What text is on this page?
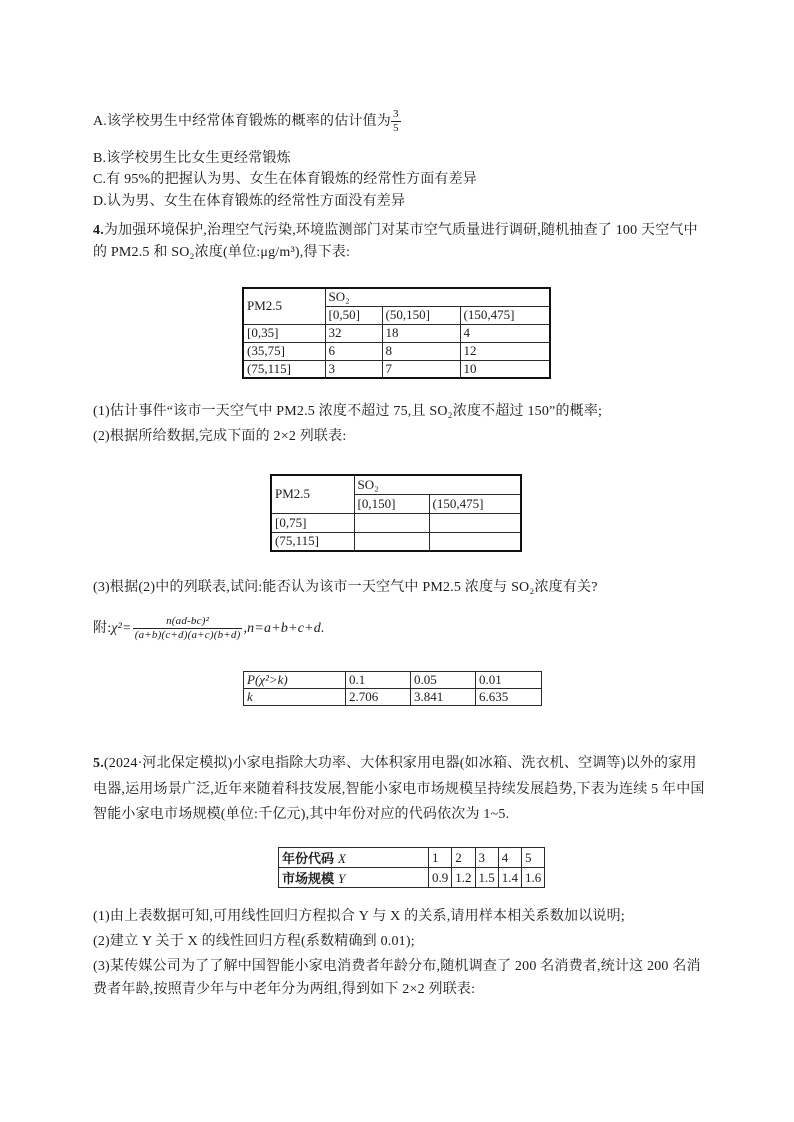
A.该学校男生中经常体育锻炼的概率的估计值为 $\frac{3}{5}$
B.该学校男生比女生更经常锻炼
C.有 95%的把握认为男、女生在体育锻炼的经常性方面有差异
D.认为男、女生在体育锻炼的经常性方面没有差异
4.为加强环境保护,治理空气污染,环境监测部门对某市空气质量进行调研,随机抽查了 100 天空气中
的 PM2.5 和 SO₂浓度(单位:μg/m³),得下表:
PM2.5	SO₂		
	[0,50]	(50,150]	(150,475]
[0,35]	32	18	4
(35,75]	6	8	12
(75,115]	3	7	10
(1)估计事件“该市一天空气中 PM2.5 浓度不超过 75,且 SO₂浓度不超过 150”的概率;
(2)根据所给数据,完成下面的 2×2 列联表:
PM2.5	SO₂	
	[0,150]	(150,475]
[0,75]		
(75,115]		
(3)根据(2)中的列联表,试问:能否认为该市一天空气中 PM2.5 浓度与 SO₂浓度有关?
附:χ²= $\frac{\text{n(ad-bc)²}}{(a+b)(c+d)(a+c)(b+d)} ,n=a+b+c+d$.
P(χ²>k)	0.1	0.05	0.01
k	2.706	3.841	6.635
5.(2024·河北保定模拟)小家电指除大功率、大体积家用电器(如冰箱、洗衣机、空调等)以外的家用
电器,运用场景广泛,近年来随着科技发展,智能小家电市场规模呈持续发展趋势,下表为连续 5 年中国
智能小家电市场规模(单位:千亿元),其中年份对应的代码依次为 1~5.
年份代码 X	1	2	3	4	5
市场规模 Y	0.9	1.2	1.5	1.4	1.6
(1)由上表数据可知,可用线性回归方程拟合 Y 与 X 的关系,请用样本相关系数加以说明;
(2)建立 Y 关于 X 的线性回归方程(系数精确到 0.01);
(3)某传媒公司为了了解中国智能小家电消费者年龄分布,随机调查了 200 名消费者,统计这 200 名消
费者年龄,按照青少年与中老年分为两组,得到如下 2×2 列联表:
